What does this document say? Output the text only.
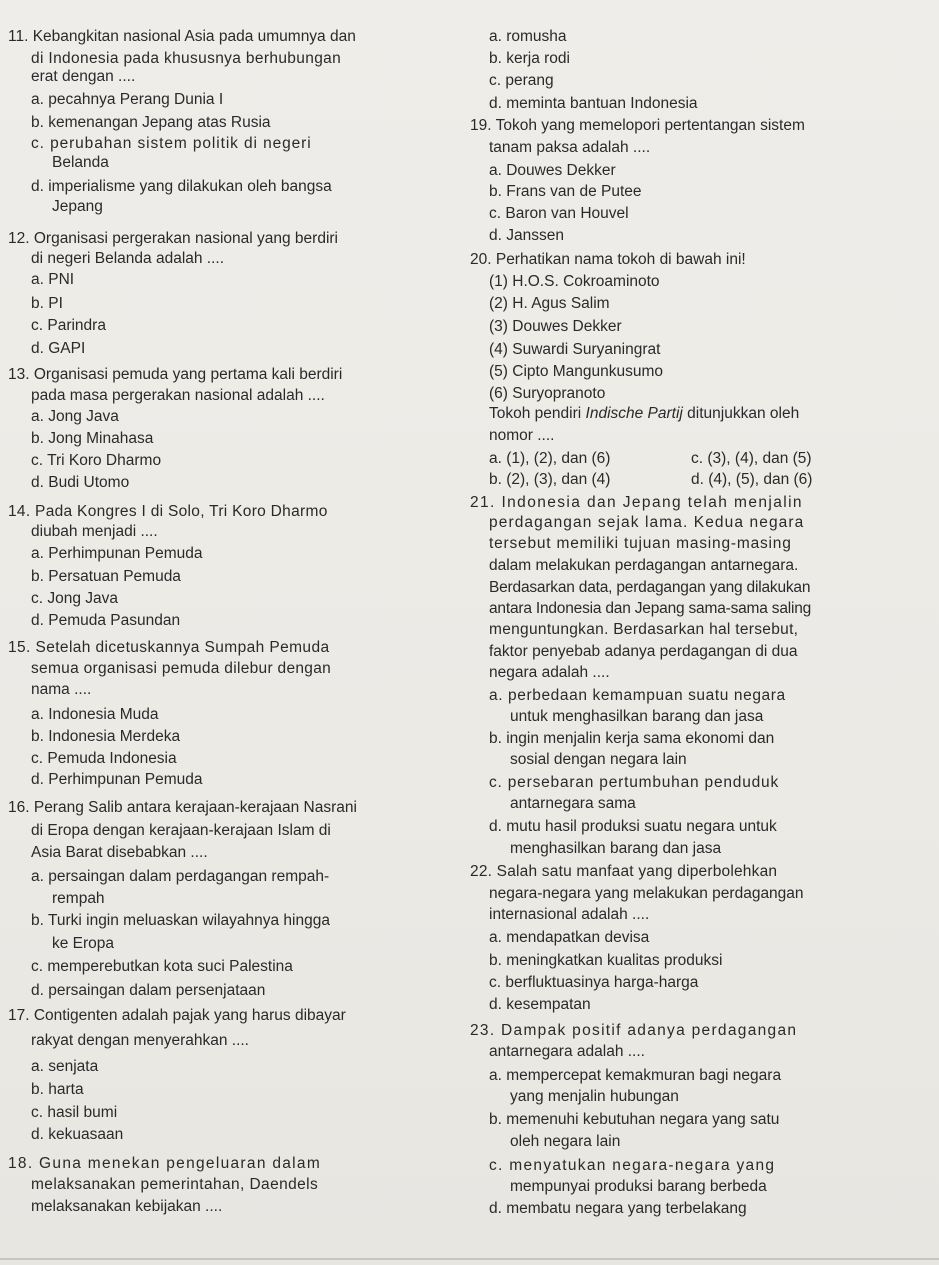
11. Kebangkitan nasional Asia pada umumnya dan
di Indonesia pada khususnya berhubungan
erat dengan ....
a. pecahnya Perang Dunia I
b. kemenangan Jepang atas Rusia
c. perubahan sistem politik di negeri
Belanda
d. imperialisme yang dilakukan oleh bangsa
Jepang
12. Organisasi pergerakan nasional yang berdiri
di negeri Belanda adalah ....
a. PNI
b. PI
c. Parindra
d. GAPI
13. Organisasi pemuda yang pertama kali berdiri
pada masa pergerakan nasional adalah ....
a. Jong Java
b. Jong Minahasa
c. Tri Koro Dharmo
d. Budi Utomo
14. Pada Kongres I di Solo, Tri Koro Dharmo
diubah menjadi ....
a. Perhimpunan Pemuda
b. Persatuan Pemuda
c. Jong Java
d. Pemuda Pasundan
15. Setelah dicetuskannya Sumpah Pemuda
semua organisasi pemuda dilebur dengan
nama ....
a. Indonesia Muda
b. Indonesia Merdeka
c. Pemuda Indonesia
d. Perhimpunan Pemuda
16. Perang Salib antara kerajaan-kerajaan Nasrani
di Eropa dengan kerajaan-kerajaan Islam di
Asia Barat disebabkan ....
a. persaingan dalam perdagangan rempah-
rempah
b. Turki ingin meluaskan wilayahnya hingga
ke Eropa
c. memperebutkan kota suci Palestina
d. persaingan dalam persenjataan
17. Contigenten adalah pajak yang harus dibayar
rakyat dengan menyerahkan ....
a. senjata
b. harta
c. hasil bumi
d. kekuasaan
18. Guna menekan pengeluaran dalam
melaksanakan pemerintahan, Daendels
melaksanakan kebijakan ....
a. romusha
b. kerja rodi
c. perang
d. meminta bantuan Indonesia
19. Tokoh yang memelopori pertentangan sistem
tanam paksa adalah ....
a. Douwes Dekker
b. Frans van de Putee
c. Baron van Houvel
d. Janssen
20. Perhatikan nama tokoh di bawah ini!
(1) H.O.S. Cokroaminoto
(2) H. Agus Salim
(3) Douwes Dekker
(4) Suwardi Suryaningrat
(5) Cipto Mangunkusumo
(6) Suryopranoto
Tokoh pendiri Indische Partij ditunjukkan oleh
nomor ....
a. (1), (2), dan (6)	c. (3), (4), dan (5)
b. (2), (3), dan (4)	d. (4), (5), dan (6)
21. Indonesia dan Jepang telah menjalin
perdagangan sejak lama. Kedua negara
tersebut memiliki tujuan masing-masing
dalam melakukan perdagangan antarnegara.
Berdasarkan data, perdagangan yang dilakukan
antara Indonesia dan Jepang sama-sama saling
menguntungkan. Berdasarkan hal tersebut,
faktor penyebab adanya perdagangan di dua
negara adalah ....
a. perbedaan kemampuan suatu negara
untuk menghasilkan barang dan jasa
b. ingin menjalin kerja sama ekonomi dan
sosial dengan negara lain
c. persebaran pertumbuhan penduduk
antarnegara sama
d. mutu hasil produksi suatu negara untuk
menghasilkan barang dan jasa
22. Salah satu manfaat yang diperbolehkan
negara-negara yang melakukan perdagangan
internasional adalah ....
a. mendapatkan devisa
b. meningkatkan kualitas produksi
c. berfluktuasinya harga-harga
d. kesempatan
23. Dampak positif adanya perdagangan
antarnegara adalah ....
a. mempercepat kemakmuran bagi negara
yang menjalin hubungan
b. memenuhi kebutuhan negara yang satu
oleh negara lain
c. menyatukan negara-negara yang
mempunyai produksi barang berbeda
d. membatu negara yang terbelakang
